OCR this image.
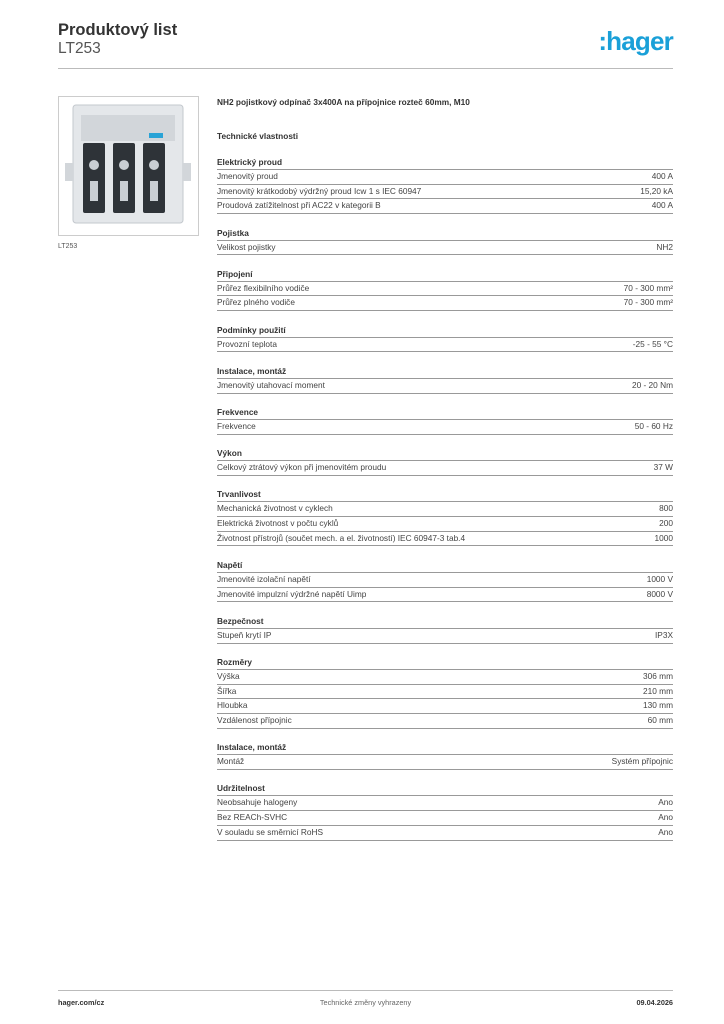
Produktový list
LT253	:hager
LT253
NH2 pojistkový odpínač 3x400A na přípojnice rozteč 60mm, M10
Technické vlastnosti
Elektrický proud
Jmenovitý proud	400 A
Jmenovitý krátkodobý výdržný proud Icw 1 s IEC 60947	15,20 kA
Proudová zatížitelnost při AC22 v kategorii B	400 A
Pojistka
Velikost pojistky	NH2
Připojení
Průřez flexibilního vodiče	70 - 300 mm²
Průřez plného vodiče	70 - 300 mm²
Podmínky použití
Provozní teplota	-25 - 55 °C
Instalace, montáž
Jmenovitý utahovací moment	20 - 20 Nm
Frekvence
Frekvence	50 - 60 Hz
Výkon
Celkový ztrátový výkon při jmenovitém proudu	37 W
Trvanlivost
Mechanická životnost v cyklech	800
Elektrická životnost v počtu cyklů	200
Životnost přístrojů (součet mech. a el. životností) IEC 60947-3 tab.4	1000
Napětí
Jmenovité izolační napětí	1000 V
Jmenovité impulzní výdržné napětí Uimp	8000 V
Bezpečnost
Stupeň krytí IP	IP3X
Rozměry
Výška	306 mm
Šířka	210 mm
Hloubka	130 mm
Vzdálenost přípojnic	60 mm
Instalace, montáž
Montáž	Systém přípojnic
Udržitelnost
Neobsahuje halogeny	Ano
Bez REACh-SVHC	Ano
V souladu se směrnicí RoHS	Ano
hager.com/cz	Technické změny vyhrazeny	09.04.2026
